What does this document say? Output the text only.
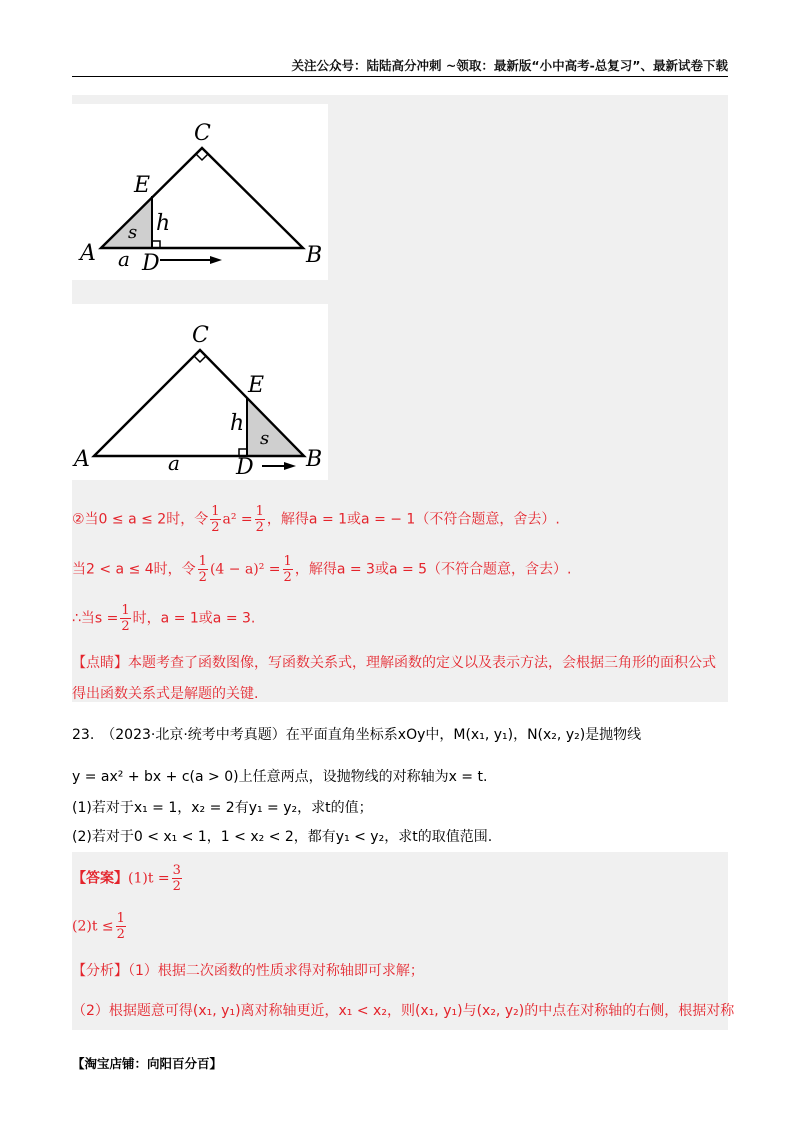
关注公众号：陆陆高分冲刺 ~领取：最新版“小中高考-总复习”、最新试卷下载
C
E
h
s
A a D	B
C
E
h
s
A	a	D B
②当0 ≤ a ≤ 2时，令 $\frac{1}{2} a^2 = \frac{1}{2}$ ，解得a = 1或a = − 1（不符合题意，舍去）.
当2 < a ≤ 4时，令 $\frac{1}{2} (4 - a)^2 = \frac{1}{2}$ ，解得a = 3或a = 5（不符合题意，含去）.
∴当$s = \frac{1}{2}$ 时，a = 1或a = 3.
【点睛】本题考查了函数图像，写函数关系式，理解函数的定义以及表示方法，会根据三角形的面积公式
得出函数关系式是解题的关键.
23.　（2023·北京·统考中考真题）在平面直角坐标系xOy中，M(x₁, y₁)，N(x₂, y₂)是抛物线
y = ax² + bx + c(a > 0)上任意两点，设抛物线的对称轴为x = t.
(1)若对于x₁ = 1，x₂ = 2有y₁ = y₂，求t的值；
(2)若对于0 < x₁ < 1，1 < x₂ < 2，都有y₁ < y₂，求t的取值范围.
【答案】$(1)t = \frac{3}{2}$
$(2)t \le \frac{1}{2}$
【分析】（1）根据二次函数的性质求得对称轴即可求解；
（2）根据题意可得(x₁, y₁)离对称轴更近，x₁ < x₂，则(x₁, y₁)与(x₂, y₂)的中点在对称轴的右侧，根据对称
【淘宝店铺：向阳百分百】
